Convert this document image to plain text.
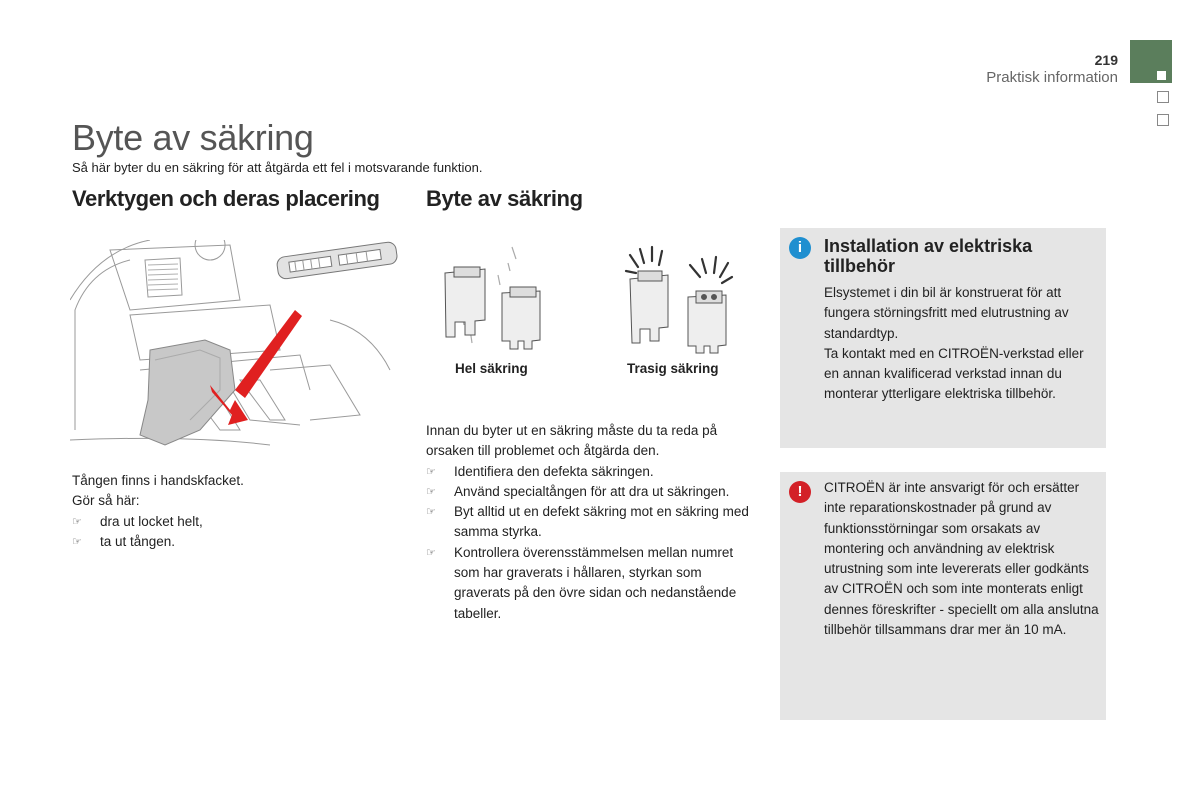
219
Praktisk information
Byte av säkring
Så här byter du en säkring för att åtgärda ett fel i motsvarande funktion.
Verktygen och deras placering
Tången finns i handskfacket.
Gör så här:
☞ dra ut locket helt,
☞ ta ut tången.
Byte av säkring
Hel säkring	Trasig säkring
Innan du byter ut en säkring måste du ta reda på orsaken till problemet och åtgärda den.
☞ Identifiera den defekta säkringen.
☞ Använd specialtången för att dra ut säkringen.
☞ Byt alltid ut en defekt säkring mot en säkring med samma styrka.
☞ Kontrollera överensstämmelsen mellan numret som har graverats i hållaren, styrkan som graverats på den övre sidan och nedanstående tabeller.
i	Installation av elektriska tillbehör
Elsystemet i din bil är konstruerat för att fungera störningsfritt med elutrustning av standardtyp.
Ta kontakt med en CITROËN-verkstad eller en annan kvalificerad verkstad innan du monterar ytterligare elektriska tillbehör.
!	CITROËN är inte ansvarigt för och ersätter inte reparationskostnader på grund av funktionsstörningar som orsakats av montering och användning av elektrisk utrustning som inte levererats eller godkänts av CITROËN och som inte monterats enligt dennes föreskrifter - speciellt om alla anslutna tillbehör tillsammans drar mer än 10 mA.
